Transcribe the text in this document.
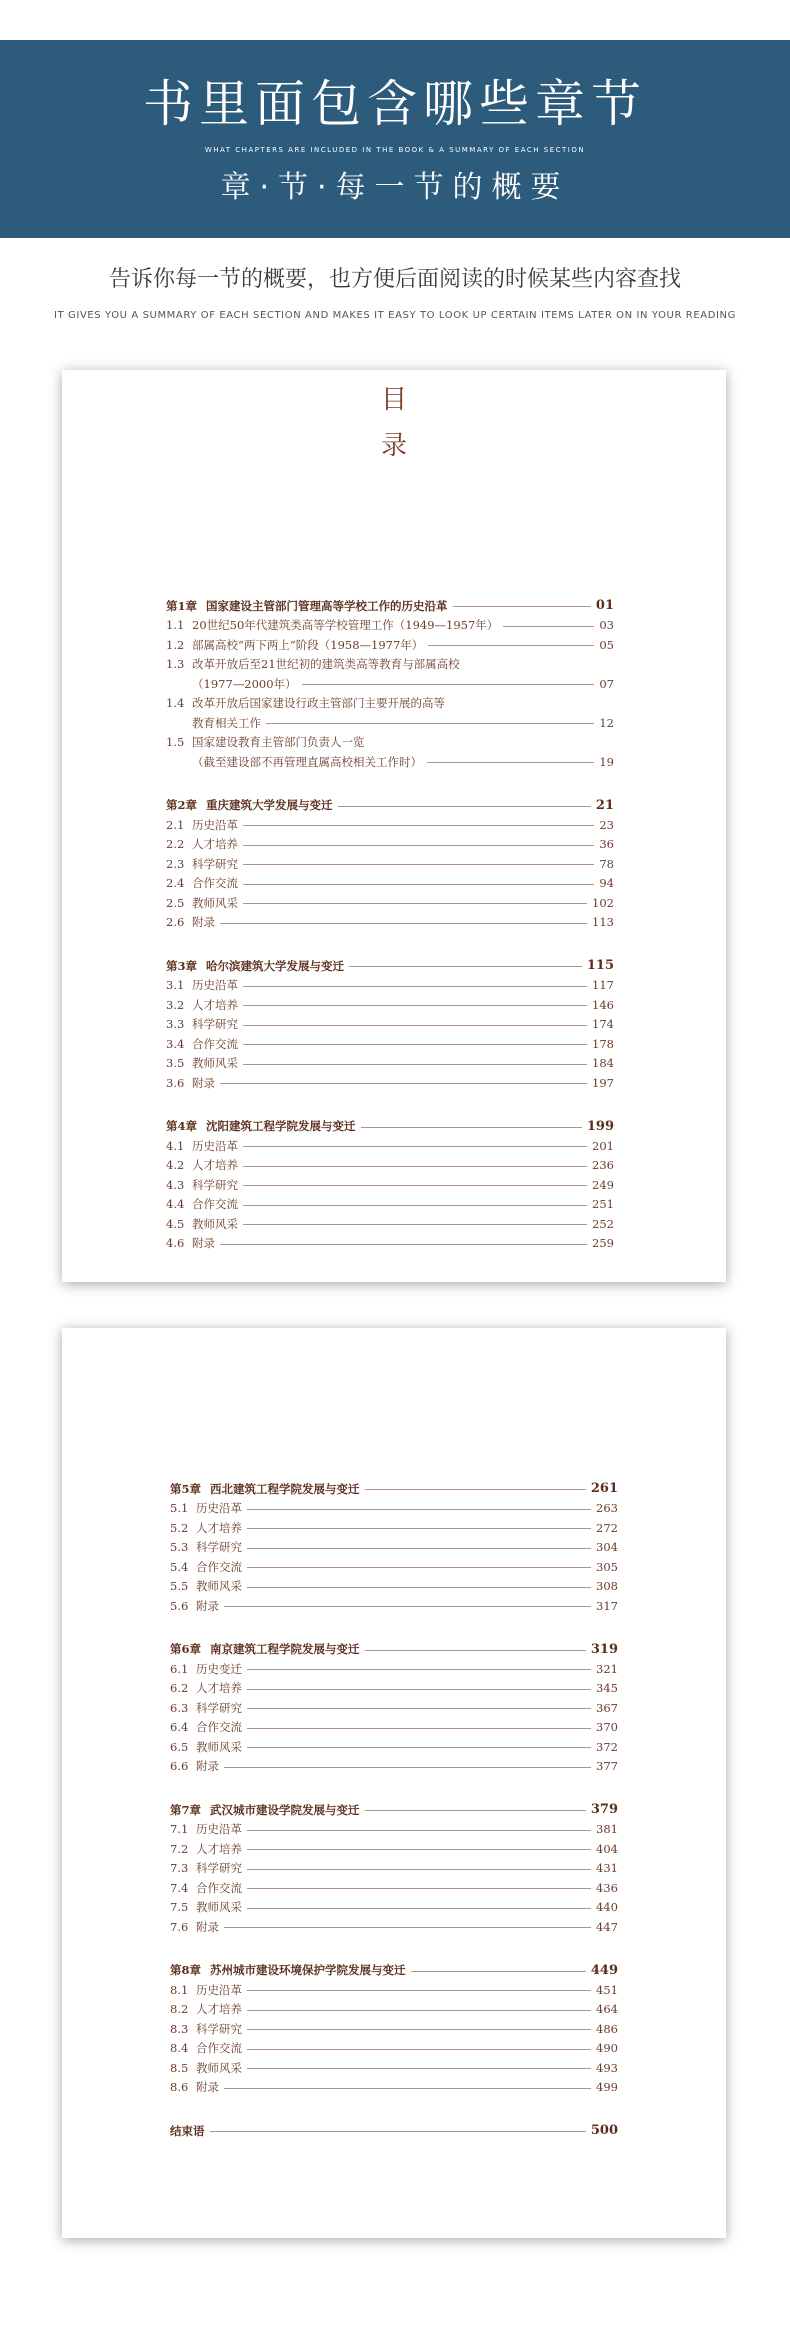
书里面包含哪些章节
WHAT CHAPTERS ARE INCLUDED IN THE BOOK & A SUMMARY OF EACH SECTION
章·节·每一节的概要
告诉你每一节的概要，也方便后面阅读的时候某些内容查找
IT GIVES YOU A SUMMARY OF EACH SECTION AND MAKES IT EASY TO LOOK UP CERTAIN ITEMS LATER ON IN YOUR READING
目
录
第1章 国家建设主管部门管理高等学校工作的历史沿革	01
1.1 20世纪50年代建筑类高等学校管理工作（1949—1957年）	03
1.2 部属高校“两下两上”阶段（1958—1977年）	05
1.3 改革开放后至21世纪初的建筑类高等教育与部属高校
（1977—2000年）	07
1.4 改革开放后国家建设行政主管部门主要开展的高等
教育相关工作	12
1.5 国家建设教育主管部门负责人一览
（截至建设部不再管理直属高校相关工作时）	19
第2章 重庆建筑大学发展与变迁	21
2.1 历史沿革	23
2.2 人才培养	36
2.3 科学研究	78
2.4 合作交流	94
2.5 教师风采	102
2.6 附录	113
第3章 哈尔滨建筑大学发展与变迁	115
3.1 历史沿革	117
3.2 人才培养	146
3.3 科学研究	174
3.4 合作交流	178
3.5 教师风采	184
3.6 附录	197
第4章 沈阳建筑工程学院发展与变迁	199
4.1 历史沿革	201
4.2 人才培养	236
4.3 科学研究	249
4.4 合作交流	251
4.5 教师风采	252
4.6 附录	259
第5章 西北建筑工程学院发展与变迁	261
5.1 历史沿革	263
5.2 人才培养	272
5.3 科学研究	304
5.4 合作交流	305
5.5 教师风采	308
5.6 附录	317
第6章 南京建筑工程学院发展与变迁	319
6.1 历史变迁	321
6.2 人才培养	345
6.3 科学研究	367
6.4 合作交流	370
6.5 教师风采	372
6.6 附录	377
第7章 武汉城市建设学院发展与变迁	379
7.1 历史沿革	381
7.2 人才培养	404
7.3 科学研究	431
7.4 合作交流	436
7.5 教师风采	440
7.6 附录	447
第8章 苏州城市建设环境保护学院发展与变迁	449
8.1 历史沿革	451
8.2 人才培养	464
8.3 科学研究	486
8.4 合作交流	490
8.5 教师风采	493
8.6 附录	499
结束语	500
